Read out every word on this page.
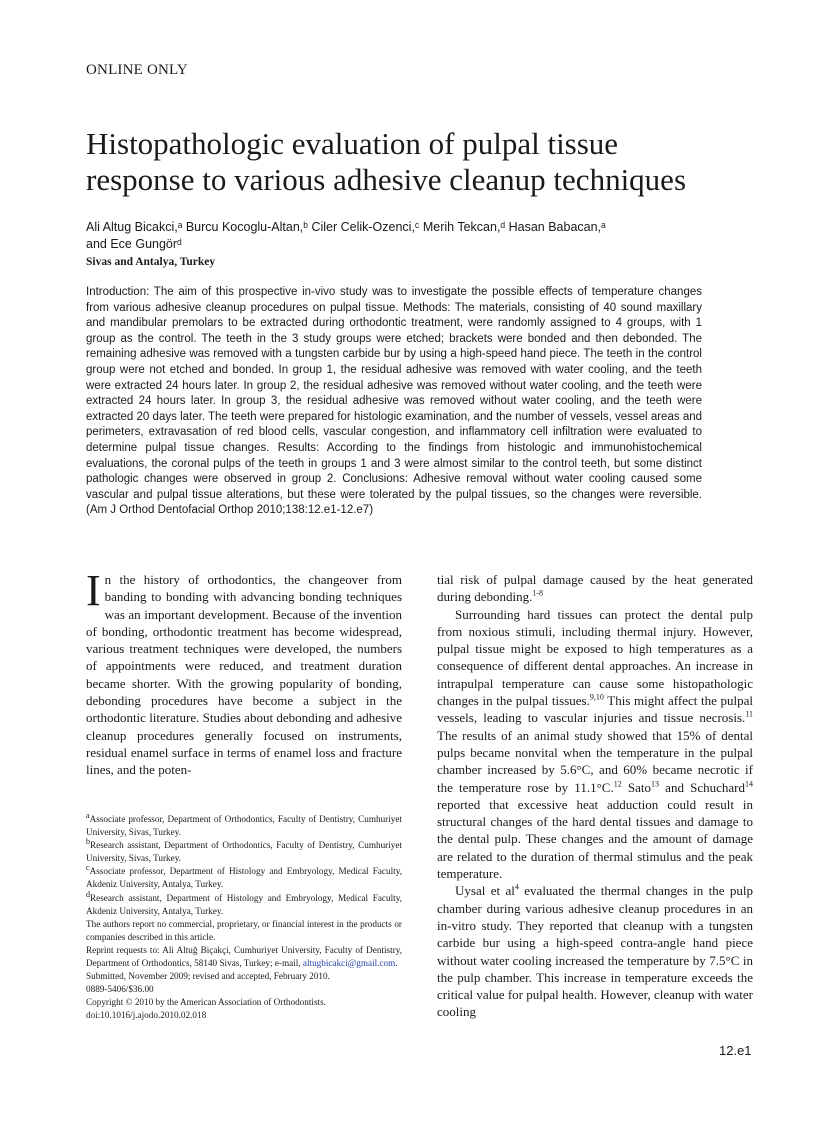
ONLINE ONLY
Histopathologic evaluation of pulpal tissue
response to various adhesive cleanup techniques
Ali Altug Bicakci,ᵃ Burcu Kocoglu-Altan,ᵇ Ciler Celik-Ozenci,ᶜ Merih Tekcan,ᵈ Hasan Babacan,ᵃ
and Ece Gungörᵈ
Sivas and Antalya, Turkey
Introduction: The aim of this prospective in-vivo study was to investigate the possible effects of temperature changes from various adhesive cleanup procedures on pulpal tissue. Methods: The materials, consisting of 40 sound maxillary and mandibular premolars to be extracted during orthodontic treatment, were randomly assigned to 4 groups, with 1 group as the control. The teeth in the 3 study groups were etched; brackets were bonded and then debonded. The remaining adhesive was removed with a tungsten carbide bur by using a high-speed hand piece. The teeth in the control group were not etched and bonded. In group 1, the residual adhesive was removed with water cooling, and the teeth were extracted 24 hours later. In group 2, the residual adhesive was removed without water cooling, and the teeth were extracted 24 hours later. In group 3, the residual adhesive was removed without water cooling, and the teeth were extracted 20 days later. The teeth were prepared for histologic examination, and the number of vessels, vessel areas and perimeters, extravasation of red blood cells, vascular congestion, and inflammatory cell infiltration were evaluated to determine pulpal tissue changes. Results: According to the findings from histologic and immunohistochemical evaluations, the coronal pulps of the teeth in groups 1 and 3 were almost similar to the control teeth, but some distinct pathologic changes were observed in group 2. Conclusions: Adhesive removal without water cooling caused some vascular and pulpal tissue alterations, but these were tolerated by the pulpal tissues, so the changes were reversible. (Am J Orthod Dentofacial Orthop 2010;138:12.e1-12.e7)
In the history of orthodontics, the changeover from banding to bonding with advancing bonding techniques was an important development. Because of the invention of bonding, orthodontic treatment has become widespread, various treatment techniques were developed, the numbers of appointments were reduced, and treatment duration became shorter. With the growing popularity of bonding, debonding procedures have become a subject in the orthodontic literature. Studies about debonding and adhesive cleanup procedures generally focused on instruments, residual enamel surface in terms of enamel loss and fracture lines, and the poten-

tial risk of pulpal damage caused by the heat generated during debonding.$^{1-8}$

Surrounding hard tissues can protect the dental pulp from noxious stimuli, including thermal injury. However, pulpal tissue might be exposed to high temperatures as a consequence of different dental approaches. An increase in intrapulpal temperature can cause some histopathologic changes in the pulpal tissues.$^{9,10}$ This might affect the pulpal vessels, leading to vascular injuries and tissue necrosis.$^{11}$ The results of an animal study showed that 15% of dental pulps became nonvital when the temperature in the pulpal chamber increased by 5.6°C, and 60% became necrotic if the temperature rose by 11.1°C.$^{12}$ Sato$^{13}$ and Schuchard$^{14}$ reported that excessive heat adduction could result in structural changes of the hard dental tissues and damage to the dental pulp. These changes and the amount of damage are related to the duration of thermal stimulus and the peak temperature.

Uysal et $al^4$ evaluated the thermal changes in the pulp chamber during various adhesive cleanup procedures in an in-vitro study. They reported that cleanup with a tungsten carbide bur using a high-speed contra-angle hand piece without water cooling increased the temperature by 7.5°C in the pulp chamber. This increase in temperature exceeds the critical value for pulpal health. However, cleanup with water cooling

$^a$Associate professor, Department of Orthodontics, Faculty of Dentistry, Cumhuriyet University, Sivas, Turkey.
$^b$Research assistant, Department of Orthodontics, Faculty of Dentistry, Cumhuriyet University, Sivas, Turkey.
$^c$Associate professor, Department of Histology and Embryology, Medical Faculty, Akdeniz University, Antalya, Turkey.
$^d$Research assistant, Department of Histology and Embryology, Medical Faculty, Akdeniz University, Antalya, Turkey.
The authors report no commercial, proprietary, or financial interest in the products or companies described in this article.
Reprint requests to: Ali Altuğ Biçakçi, Cumhuriyet University, Faculty of Dentistry, Department of Orthodontics, 58140 Sivas, Turkey; e-mail, altugbicakci@gmail.com.
Submitted, November 2009; revised and accepted, February 2010.
0889-5406/$36.00
Copyright © 2010 by the American Association of Orthodontists.
doi:10.1016/j.ajodo.2010.02.018
12.e1
